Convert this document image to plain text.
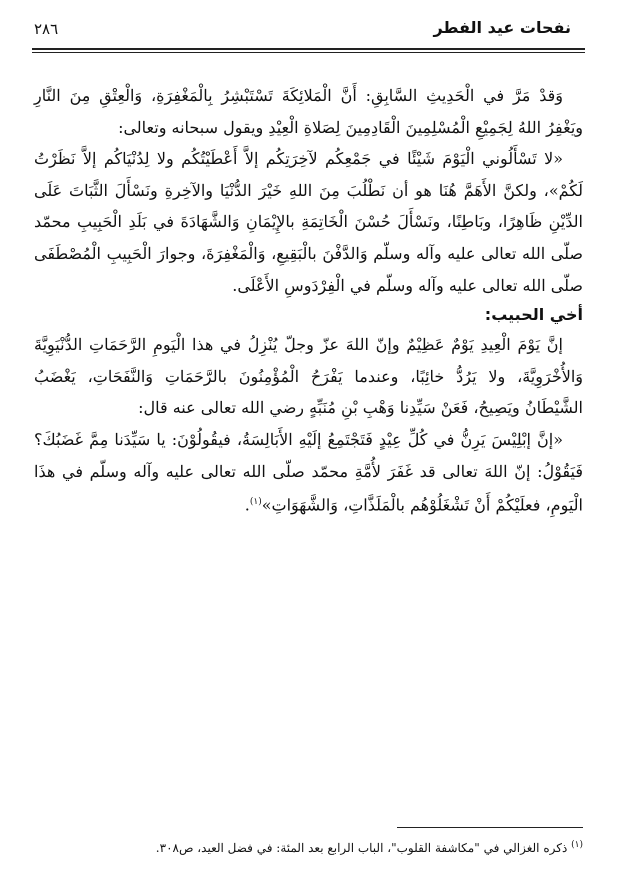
نفحات عيد الفطر
٢٨٦

وَقدْ مَرَّ في الْحَدِيثِ السَّابِقِ: أَنَّ الْمَلائِكَةَ تَسْتَبْشِرُ بِالْمَغْفِرَةِ، وَالْعِتْقِ مِنَ النَّارِ ويَغْفِرُ اللهُ لِجَمِيْعِ الْمُسْلِمِينَ الْقَادِمِينَ لِصَلاةِ الْعِيْدِ ويقول سبحانه وتعالى:

«لا تَسْأَلُوني الْيَوْمَ شَيْئًا في جَمْعِكُم لآخِرَتِكُم إلاَّ أَعْطَيْتُكُم ولا لِدُنْيَاكُم إلاَّ نَظَرْتُ لَكُمْ»، ولكنَّ الأَهَمَّ هُنَا هو أن نَطْلُبَ مِنَ اللهِ خَيْرَ الدُّنْيَا والآخِرةِ ونَسْأَلَ الثَّبَاتَ عَلَى الدِّيْنِ ظَاهِرًا، وبَاطِنًا، ونَسْأَلَ حُسْنَ الْخَاتِمَةِ بالإِيْمَانِ وَالشَّهَادَةَ في بَلَدِ الْحَبِيبِ محمّد صلّى الله تعالى عليه وآله وسلّم وَالدَّفْنَ بالْبَقِيعِ، وَالْمَغْفِرَةَ، وجوارَ الْحَبِيبِ الْمُصْطَفَى صلّى الله تعالى عليه وآله وسلّم في الْفِرْدَوسِ الأَعْلَى.

أخي الحبيب:

إنَّ يَوْمَ الْعِيدِ يَوْمٌ عَظِيْمٌ وإنّ اللهَ عزّ وجلّ يُنْزِلُ في هذا الْيَومِ الرَّحَمَاتِ الدُّنْيَوِيَّةَ وَالأُخْرَوِيَّةَ، ولا يَرُدُّ خائِبًا، وعندما يَفْرَحُ الْمُؤْمِنُونَ بالرَّحَمَاتِ وَالنَّفَحَاتِ، يَغْضَبُ الشَّيْطَانُ ويَصِيحُ، فَعَنْ سَيِّدِنا وَهْبِ بْنِ مُنَبِّهٍ رضي الله تعالى عنه قال:

«إنَّ إبْلِيْسَ يَرِنُّ في كُلِّ عِيْدٍ فَتَجْتَمِعُ إلَيْهِ الأَبَالِسَةُ، فيقُولُوْنَ: يا سَيِّدَنا مِمَّ غَضَبُكَ؟ فَيَقُوْلُ: إنّ اللهَ تعالى قد غَفَرَ لأُمَّةِ محمّد صلّى الله تعالى عليه وآله وسلّم في هذَا الْيَومِ، فعلَيْكُمْ أَنْ تَشْغَلُوْهُم بالْمَلَذَّاتِ، وَالشَّهَوَاتِ»$^{(١)}$.

$^{(١)}$ ذكره الغزالي في "مكاشفة القلوب"، الباب الرابع بعد المئة: في فضل العيد، ص٣٠٨.
